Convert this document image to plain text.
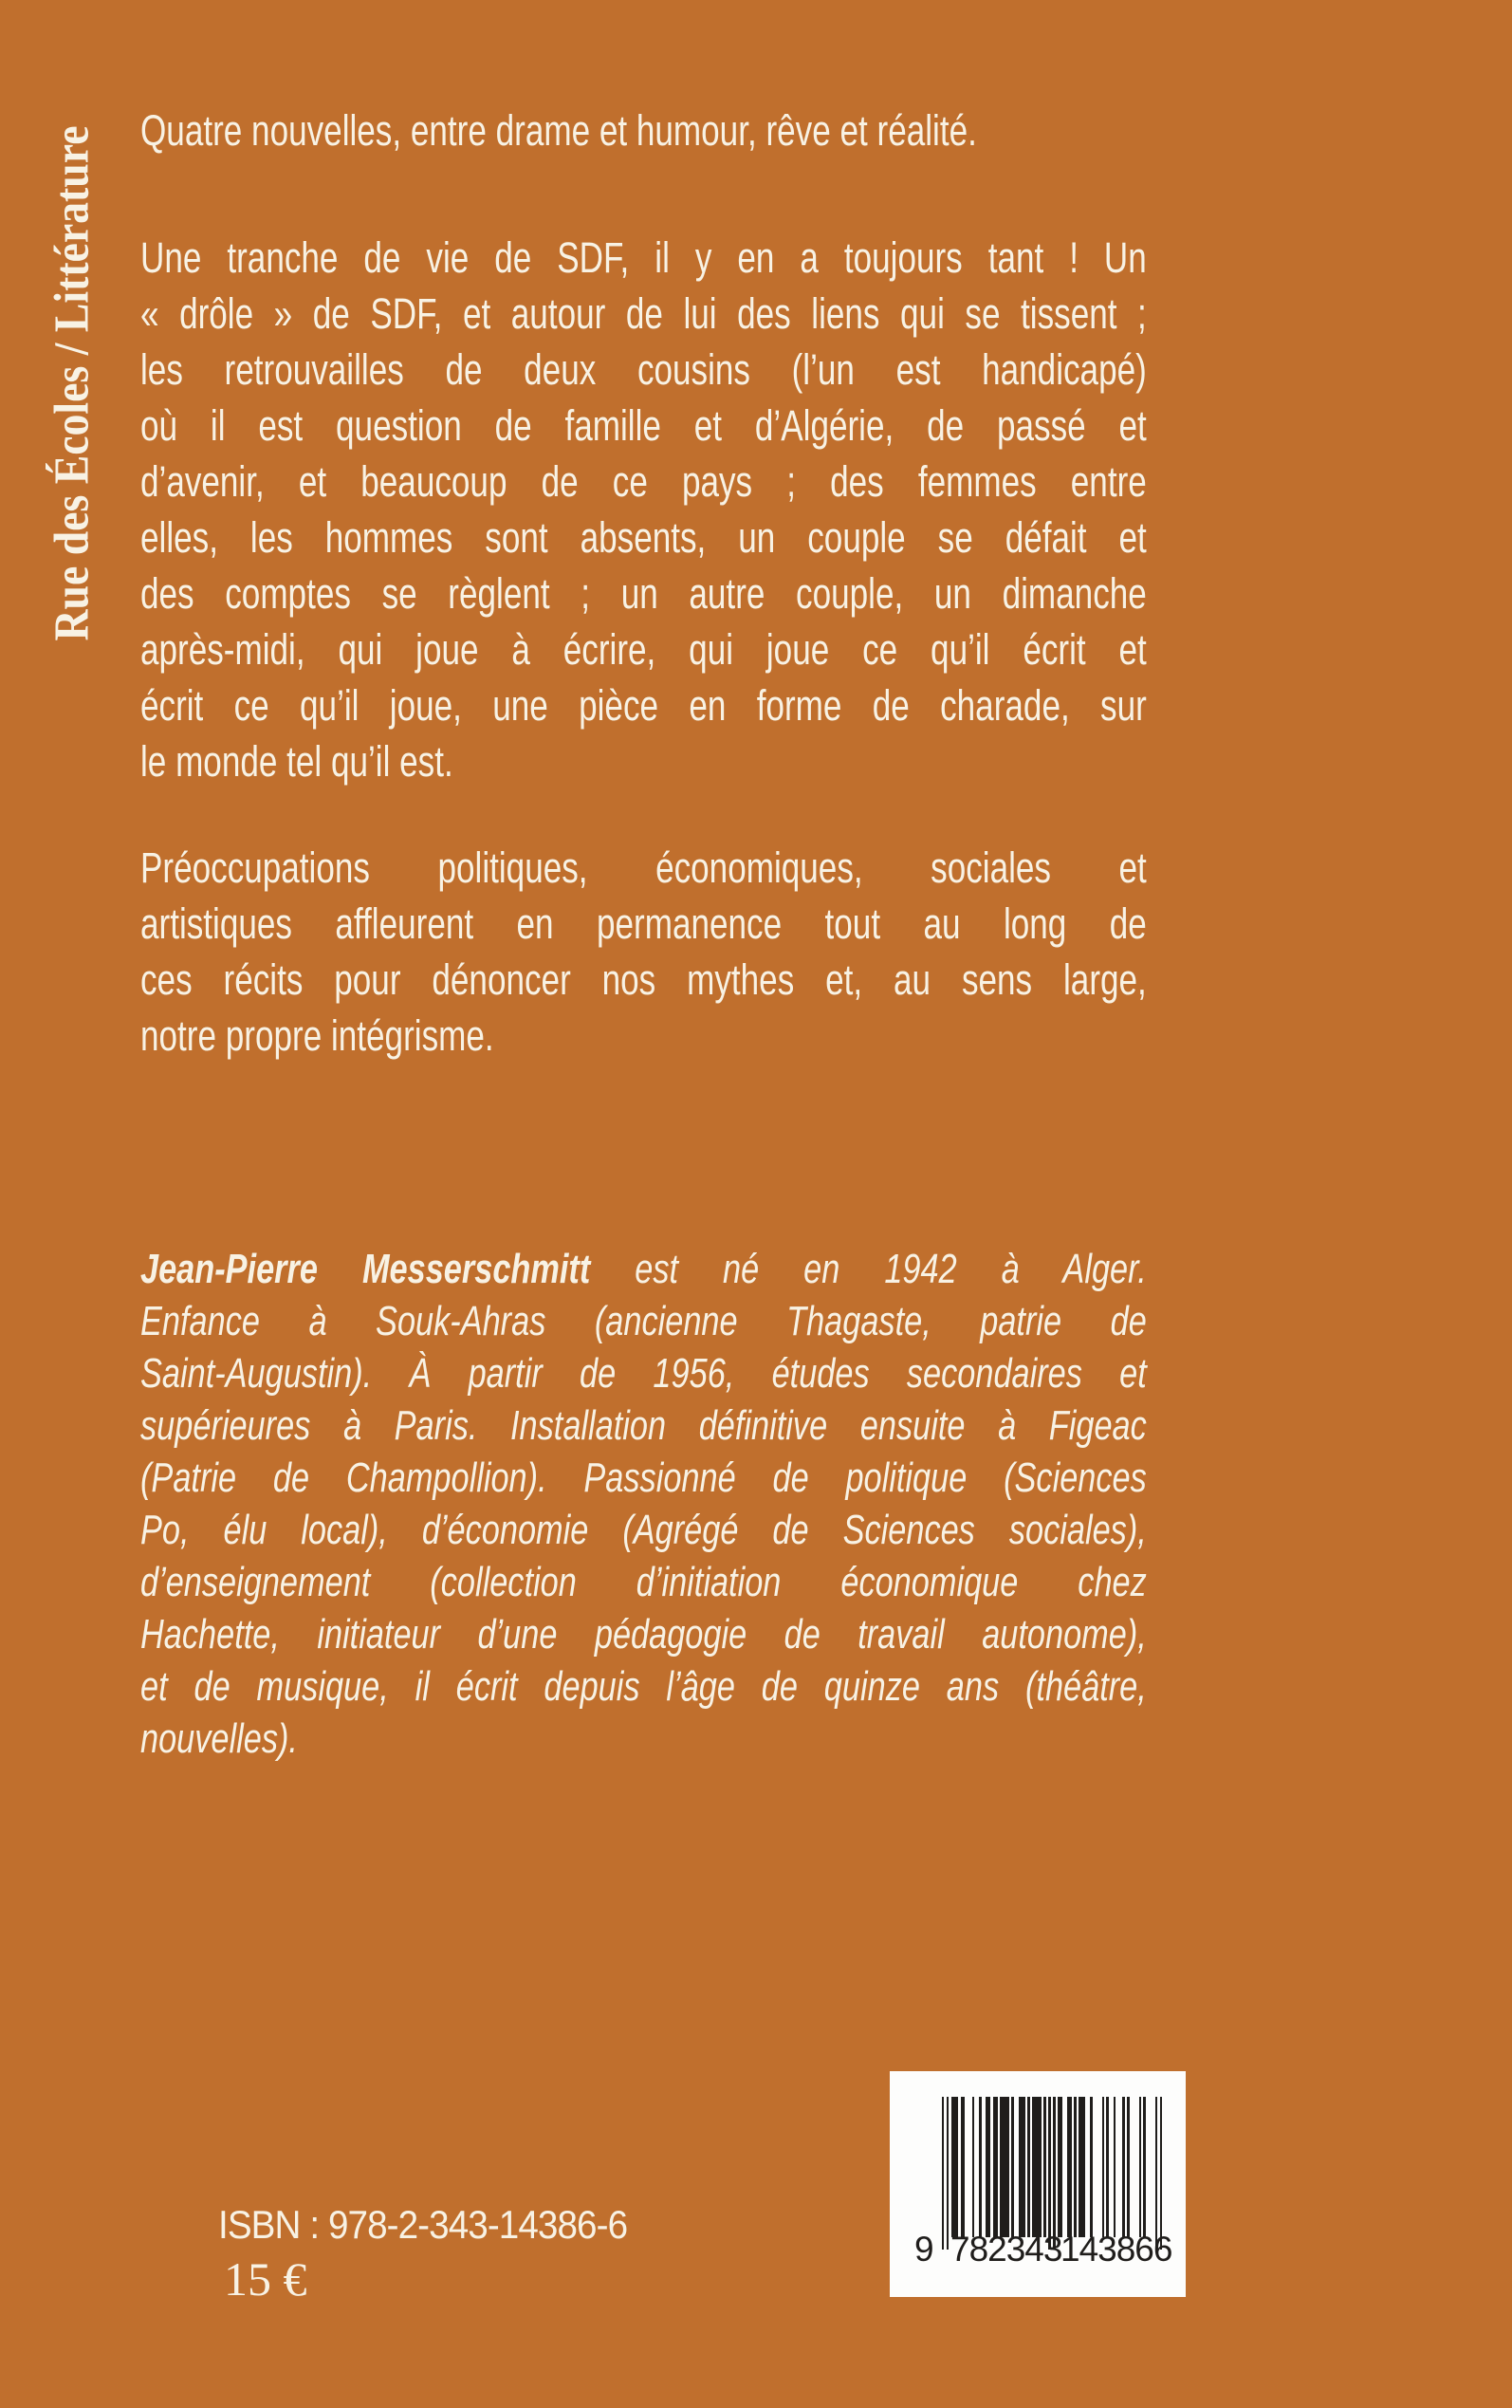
Rue des Écoles / Littérature Quatre nouvelles, entre drame et humour, rêve et réalité.
Une tranche de vie de SDF, il y en a toujours tant ! Un
« drôle » de SDF, et autour de lui des liens qui se tissent ;
les retrouvailles de deux cousins (l’un est handicapé)
où il est question de famille et d’Algérie, de passé et
d’avenir, et beaucoup de ce pays ; des femmes entre
elles, les hommes sont absents, un couple se défait et
des comptes se règlent ; un autre couple, un dimanche
après-midi, qui joue à écrire, qui joue ce qu’il écrit et
écrit ce qu’il joue, une pièce en forme de charade, sur
le monde tel qu’il est.
Préoccupations politiques, économiques, sociales et
artistiques affleurent en permanence tout au long de
ces récits pour dénoncer nos mythes et, au sens large,
notre propre intégrisme.
Jean-Pierre Messerschmitt est né en 1942 à Alger.
Enfance à Souk-Ahras (ancienne Thagaste, patrie de
Saint-Augustin). À partir de 1956, études secondaires et
supérieures à Paris. Installation définitive ensuite à Figeac
(Patrie de Champollion). Passionné de politique (Sciences
Po, élu local), d’économie (Agrégé de Sciences sociales),
d’enseignement (collection d’initiation économique chez
Hachette, initiateur d’une pédagogie de travail autonome),
et de musique, il écrit depuis l’âge de quinze ans (théâtre,
nouvelles).
ISBN : 978-2-343-14386-6
15 €
9 782343
143866
